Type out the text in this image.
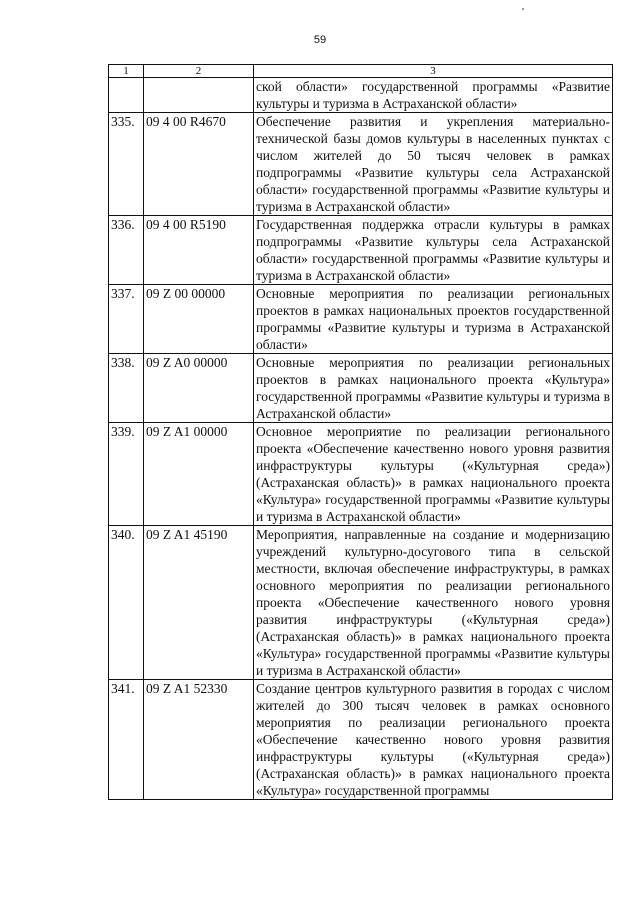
59
1	2	3
		ской области» государственной программы «Развитие культуры и туризма в Астраханской области»
335.	09 4 00 R4670	Обеспечение развития и укрепления материально-технической базы домов культуры в населенных пунктах с числом жителей до 50 тысяч человек в рамках подпрограммы «Развитие культуры села Астраханской области» государственной программы «Развитие культуры и туризма в Астраханской области»
336.	09 4 00 R5190	Государственная поддержка отрасли культуры в рамках подпрограммы «Развитие культуры села Астраханской области» государственной программы «Развитие культуры и туризма в Астраханской области»
337.	09 Z 00 00000	Основные мероприятия по реализации региональных проектов в рамках национальных проектов государственной программы «Развитие культуры и туризма в Астраханской области»
338.	09 Z A0 00000	Основные мероприятия по реализации региональных проектов в рамках национального проекта «Культура» государственной программы «Развитие культуры и туризма в Астраханской области»
339.	09 Z A1 00000	Основное мероприятие по реализации регионального проекта «Обеспечение качественно нового уровня развития инфраструктуры культуры («Культурная среда») (Астраханская область)» в рамках национального проекта «Культура» государственной программы «Развитие культуры и туризма в Астраханской области»
340.	09 Z A1 45190	Мероприятия, направленные на создание и модернизацию учреждений культурно-досугового типа в сельской местности, включая обеспечение инфраструктуры, в рамках основного мероприятия по реализации регионального проекта «Обеспечение качественного нового уровня развития инфраструктуры («Культурная среда») (Астраханская область)» в рамках национального проекта «Культура» государственной программы «Развитие культуры и туризма в Астраханской области»
341.	09 Z A1 52330	Создание центров культурного развития в городах с числом жителей до 300 тысяч человек в рамках основного мероприятия по реализации регионального проекта «Обеспечение качественно нового уровня развития инфраструктуры культуры («Культурная среда») (Астраханская область)» в рамках национального проекта «Культура» государственной программы
